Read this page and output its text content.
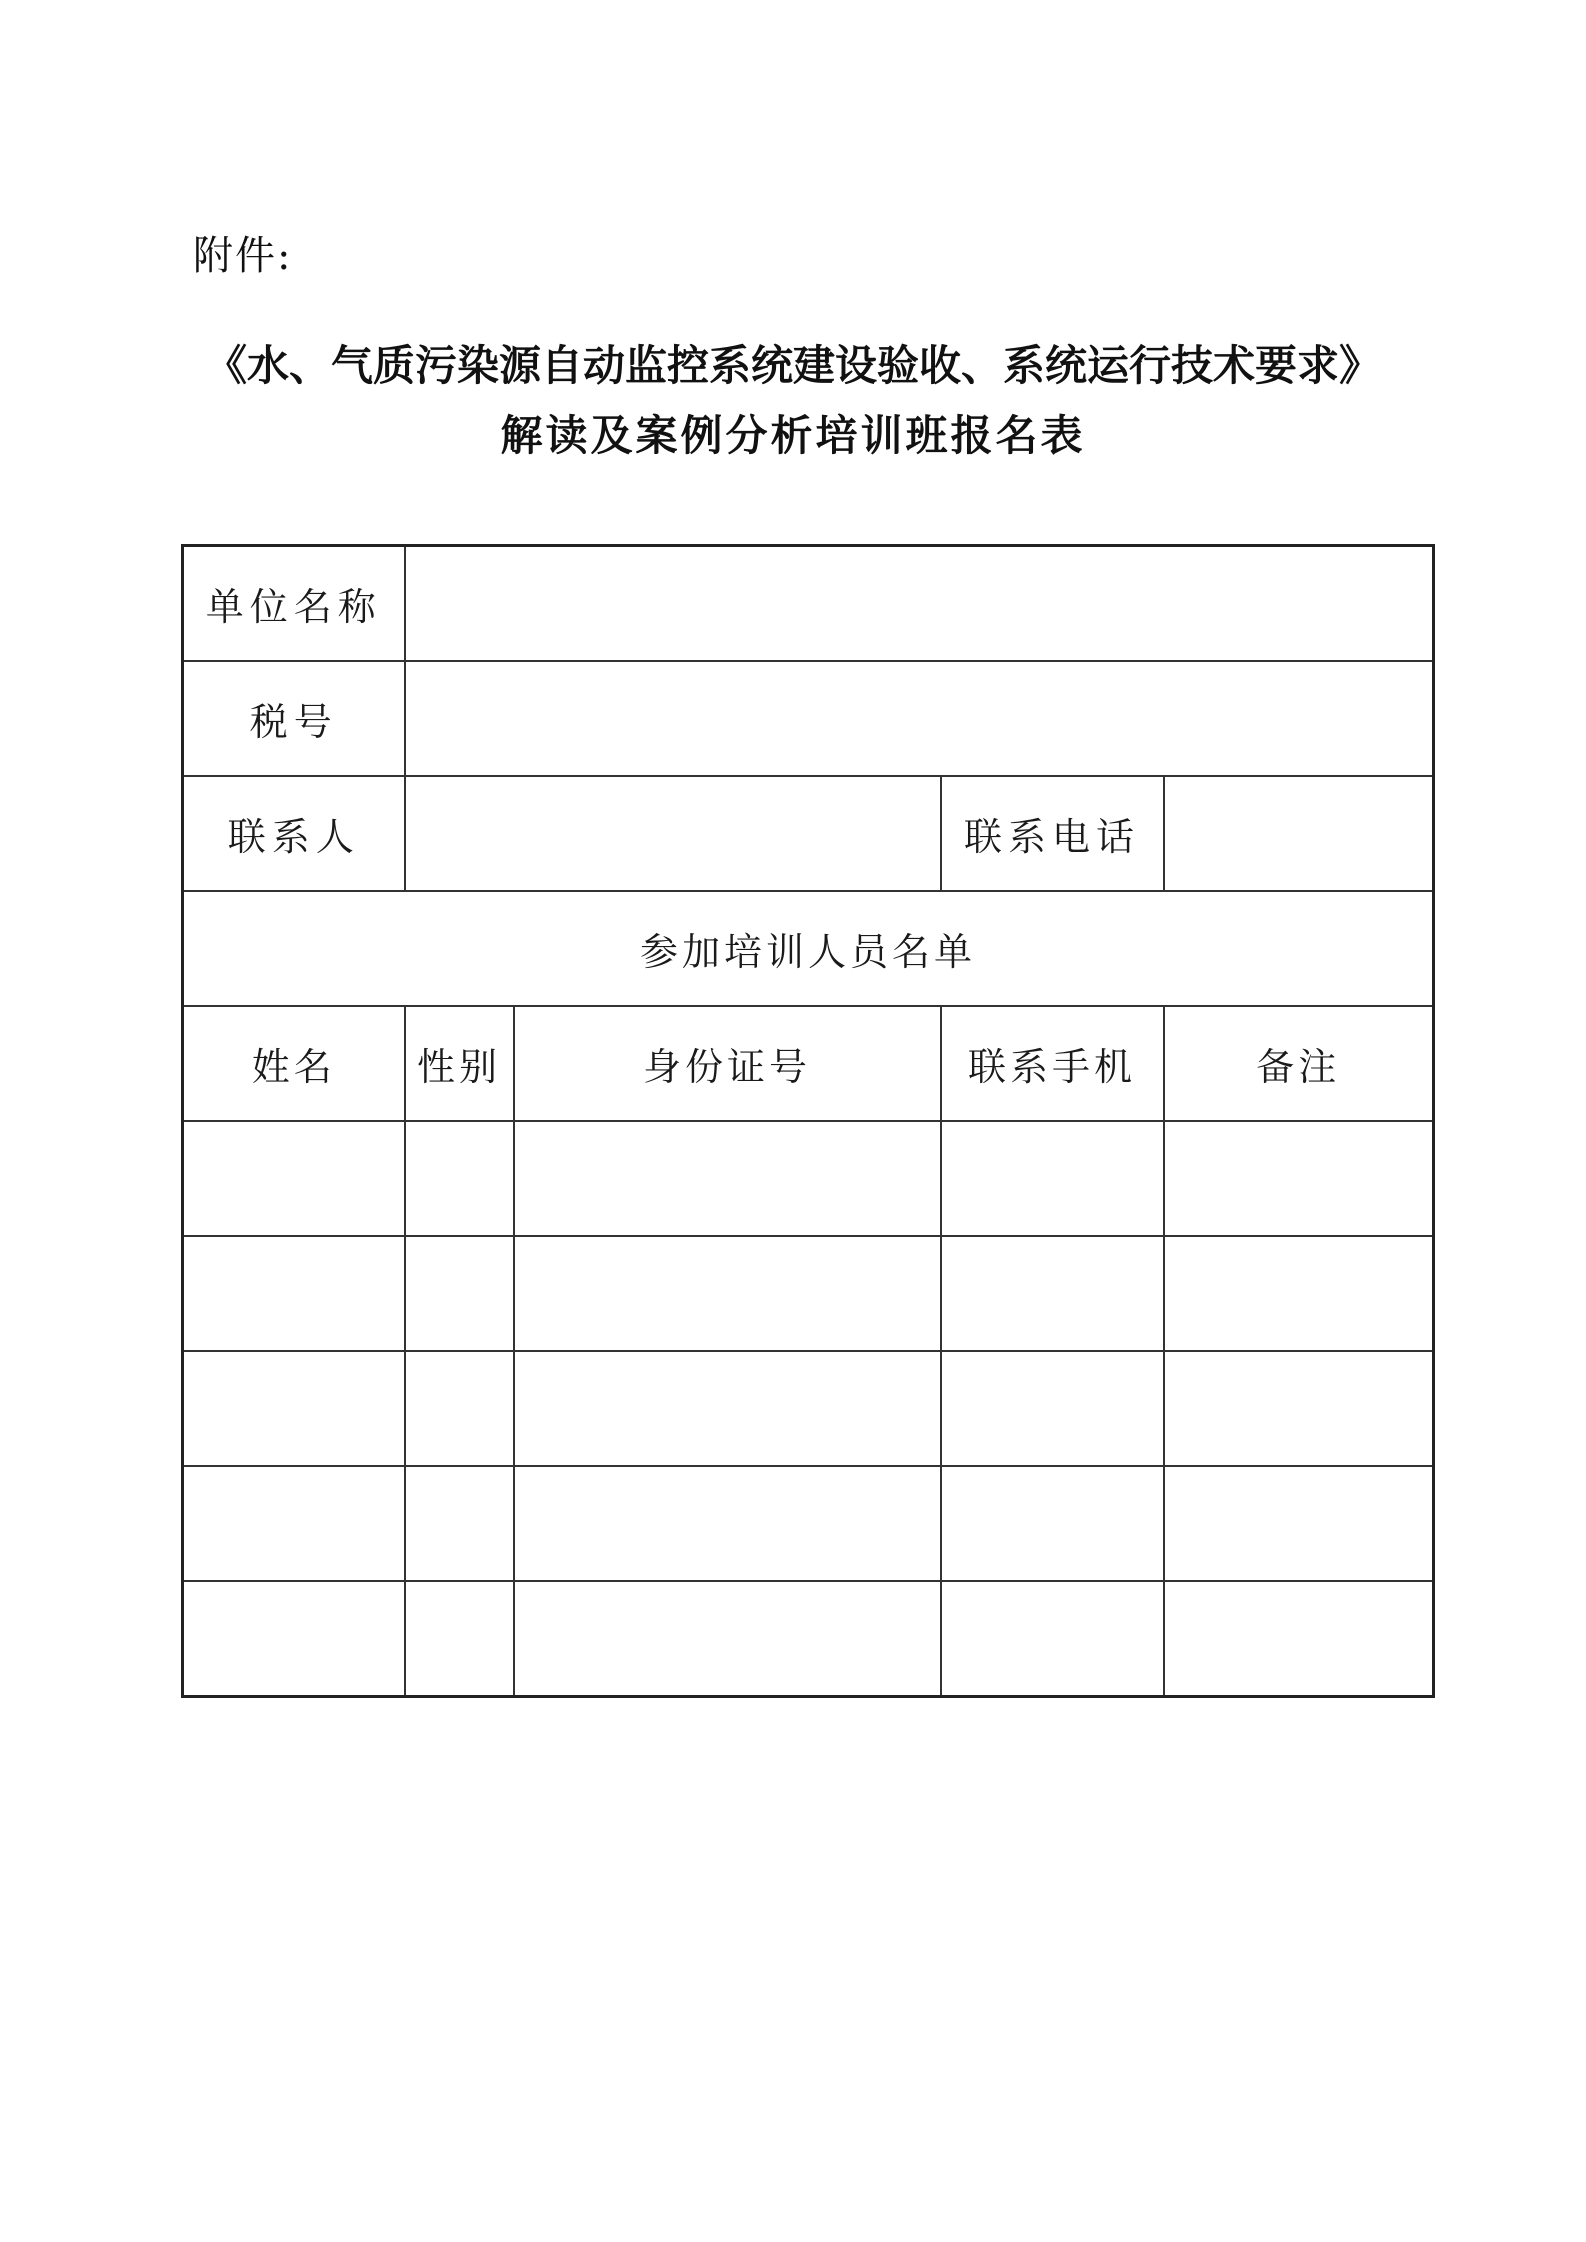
附件:
《水、气质污染源自动监控系统建设验收、系统运行技术要求》
解读及案例分析培训班报名表
单位名称				
税号				
联系人			联系电话	
参加培训人员名单				
姓名	性别	身份证号	联系手机	备注
